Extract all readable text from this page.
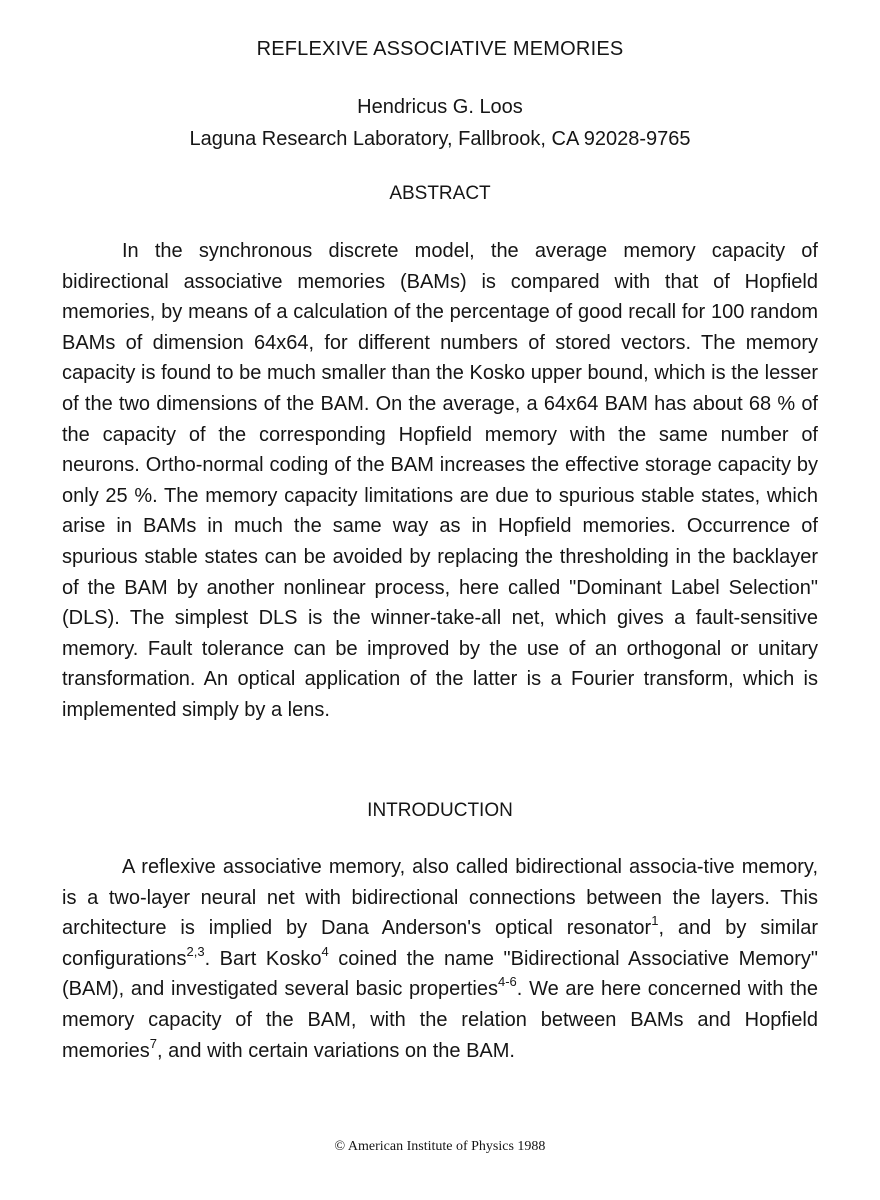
REFLEXIVE ASSOCIATIVE MEMORIES
Hendricus G. Loos
Laguna Research Laboratory, Fallbrook, CA 92028-9765
ABSTRACT

In the synchronous discrete model, the average memory capacity of bidirectional associative memories (BAMs) is compared with that of Hopfield memories, by means of a calculation of the percentage of good recall for 100 random BAMs of dimension 64x64, for different numbers of stored vectors. The memory capacity is found to be much smaller than the Kosko upper bound, which is the lesser of the two dimensions of the BAM. On the average, a 64x64 BAM has about 68 % of the capacity of the corresponding Hopfield memory with the same number of neurons. Ortho-normal coding of the BAM increases the effective storage capacity by only 25 %. The memory capacity limitations are due to spurious stable states, which arise in BAMs in much the same way as in Hopfield memories. Occurrence of spurious stable states can be avoided by replacing the thresholding in the backlayer of the BAM by another nonlinear process, here called "Dominant Label Selection" (DLS). The simplest DLS is the winner-take-all net, which gives a fault-sensitive memory. Fault tolerance can be improved by the use of an orthogonal or unitary transformation. An optical application of the latter is a Fourier transform, which is implemented simply by a lens.

INTRODUCTION

A reflexive associative memory, also called bidirectional associa-tive memory, is a two-layer neural net with bidirectional connections between the layers. This architecture is implied by Dana Anderson's optical resonator$^1$, and by similar configurations$^{2,3}$. Bart Kosko$^4$ coined the name "Bidirectional Associative Memory" (BAM), and investigated several basic properties$^{4-6}$. We are here concerned with the memory capacity of the BAM, with the relation between BAMs and Hopfield memories$^7$, and with certain variations on the BAM.

© American Institute of Physics 1988
